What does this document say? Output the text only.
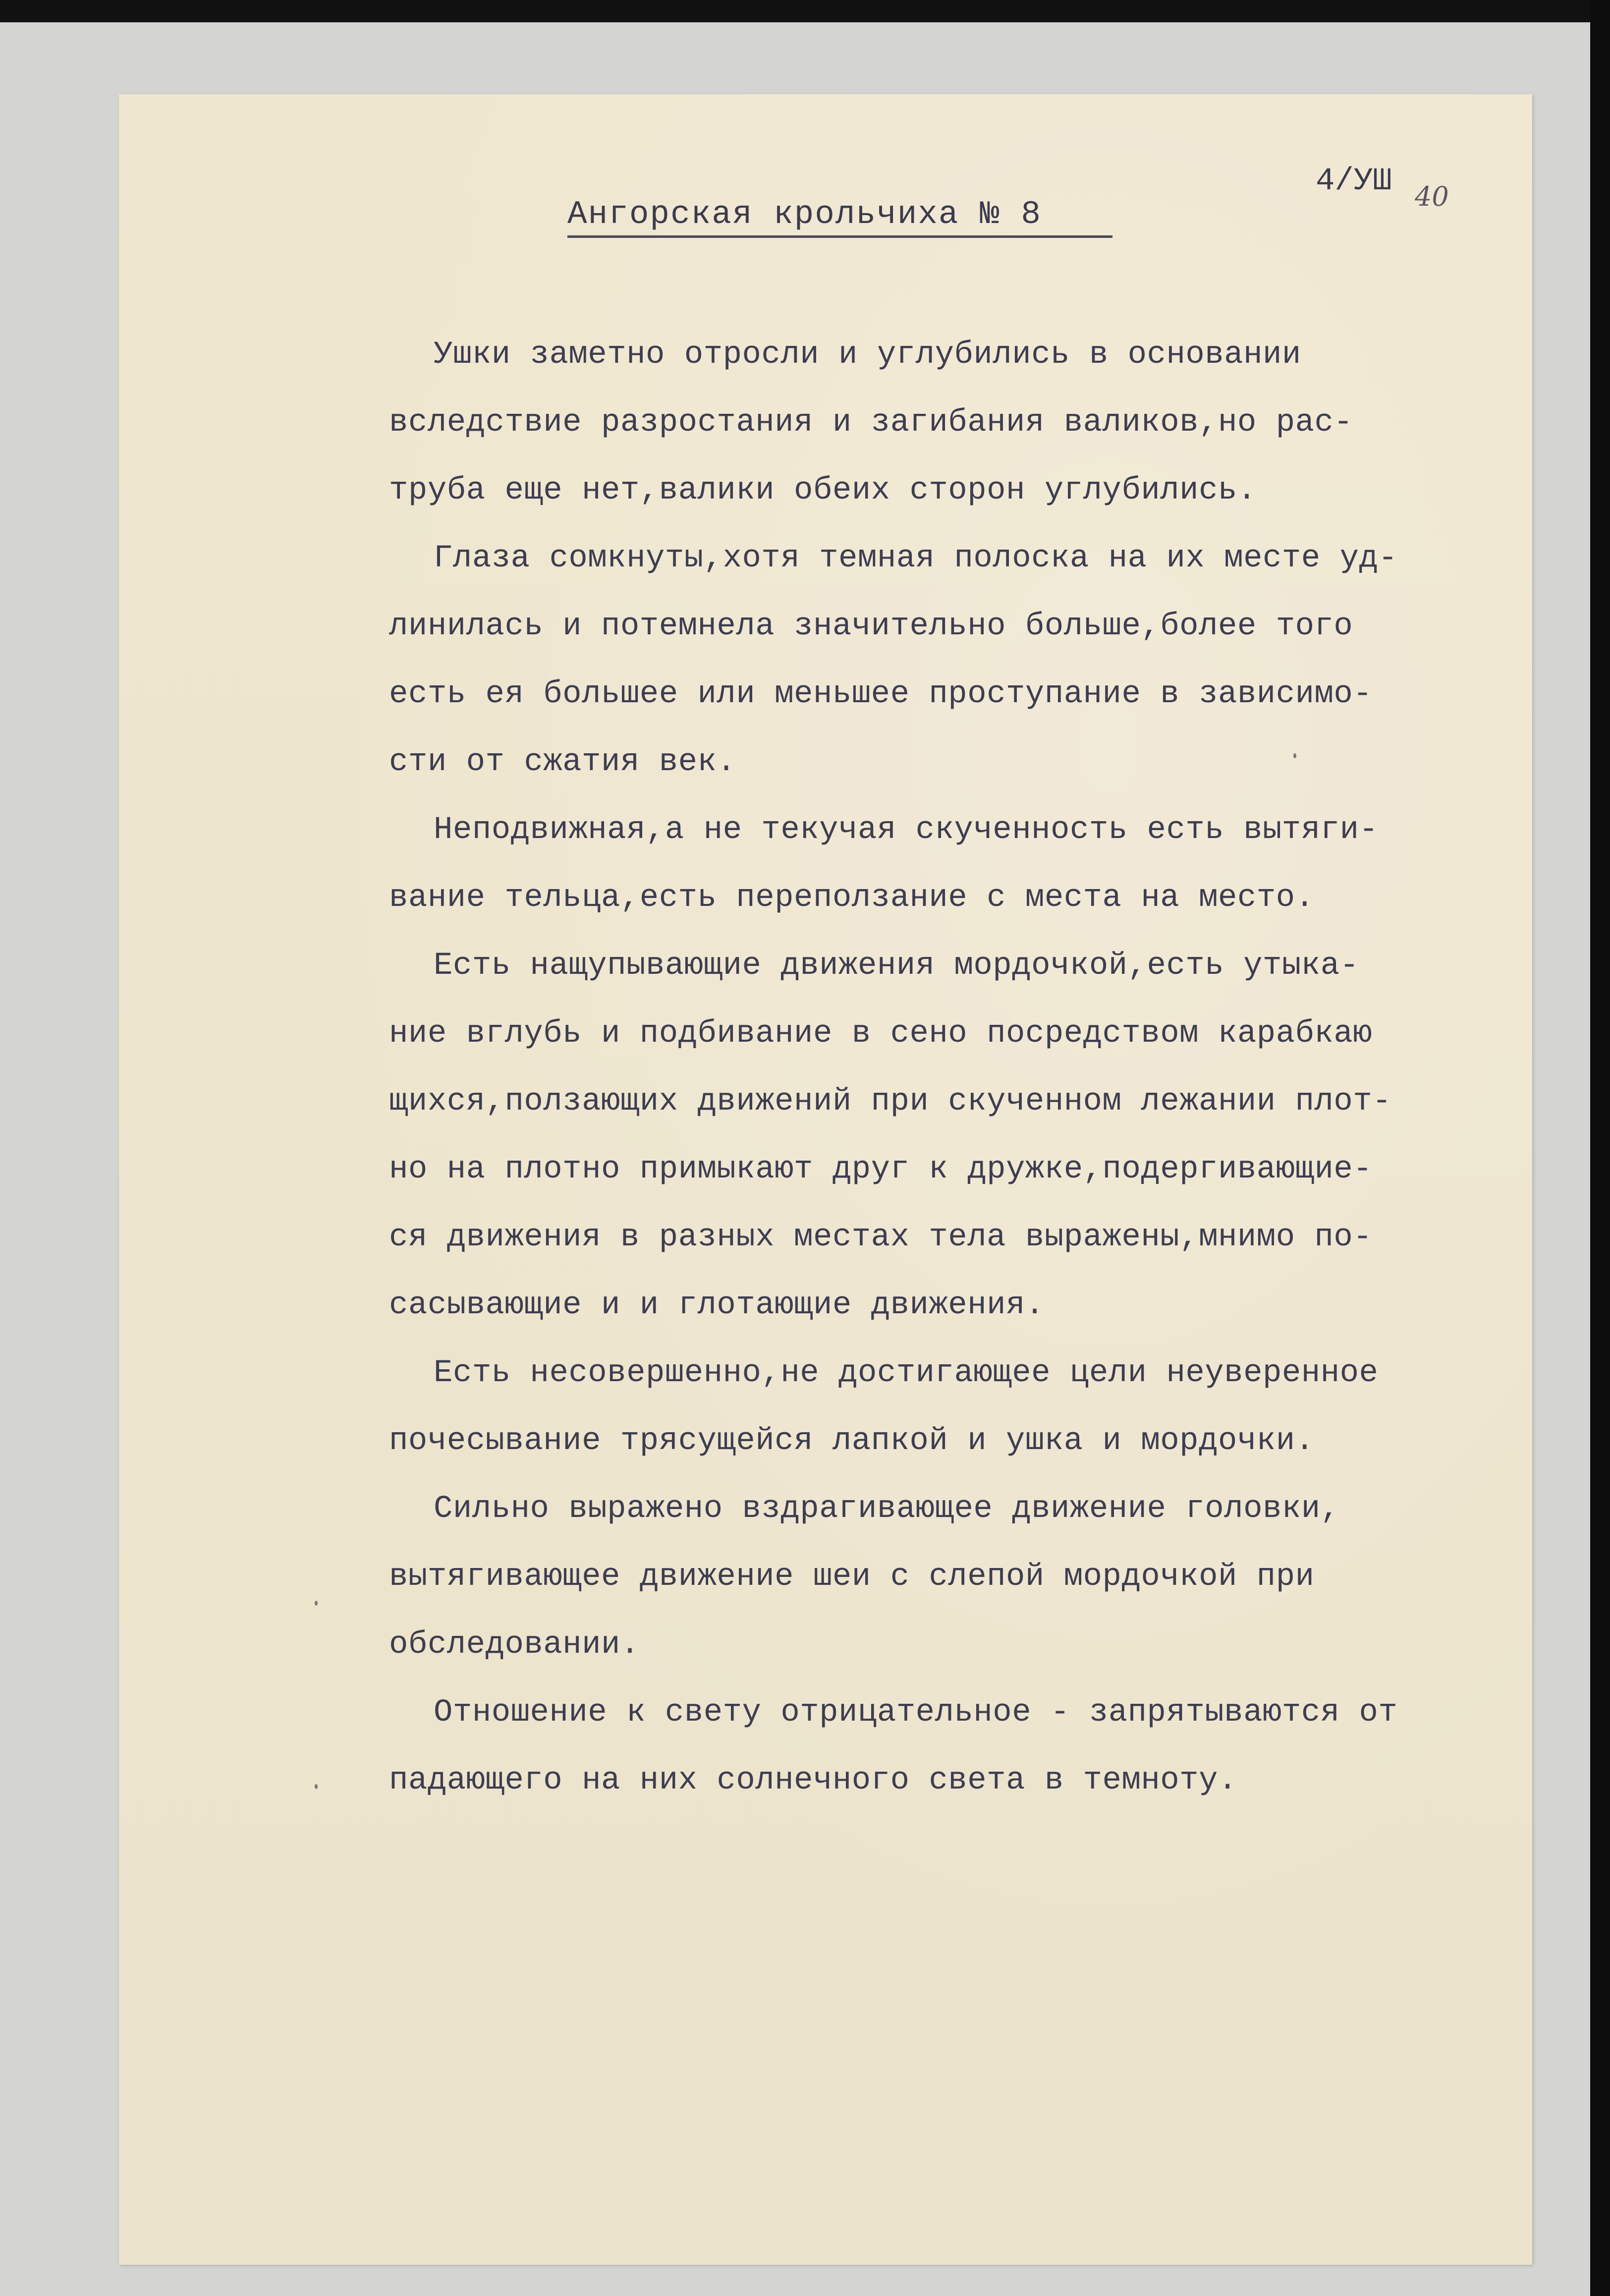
4/УШ 40
Ангорская крольчиха № 8
Ушки заметно отросли и углубились в основании
вследствие разростания и загибания валиков,но рас-
труба еще нет,валики обеих сторон углубились.
Глаза сомкнуты,хотя темная полоска на их месте уд-
линилась и потемнела значительно больше,более того
есть ея большее или меньшее проступание в зависимо-
сти от сжатия век.
Неподвижная,а не текучая скученность есть вытяги-
вание тельца,есть переползание с места на место.
Есть нащупывающие движения мордочкой,есть утыка-
ние вглубь и подбивание в сено посредством карабкаю
щихся,ползающих движений при скученном лежании плот-
но на плотно примыкают друг к дружке,подергивающие-
ся движения в разных местах тела выражены,мнимо по-
сасывающие и и глотающие движения.
Есть несовершенно,не достигающее цели неуверенное
почесывание трясущейся лапкой и ушка и мордочки.
Сильно выражено вздрагивающее движение головки,
вытягивающее движение шеи с слепой мордочкой при
обследовании.
Отношение к свету отрицательное - запрятываются от
падающего на них солнечного света в темноту.
